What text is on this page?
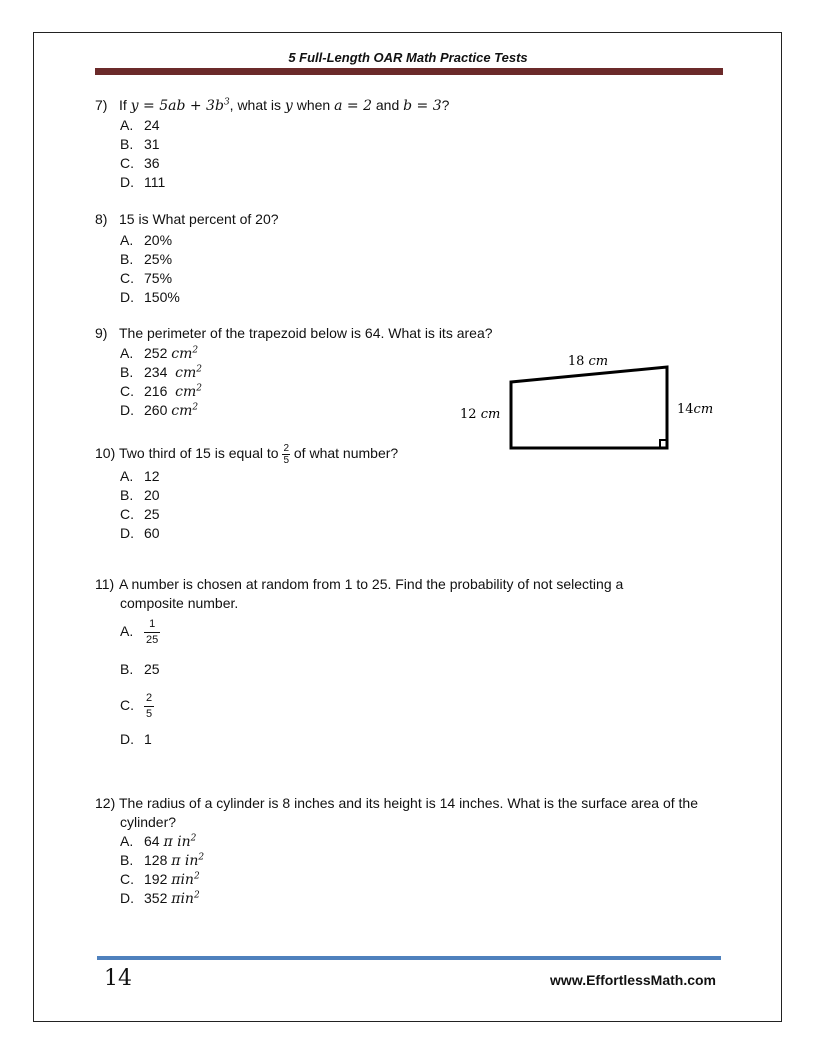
5 Full-Length OAR Math Practice Tests
7) If $y = 5ab + 3b^3$, what is y when a = 2 and b = 3?
A. 24
B. 31
C. 36
D. 111
8) 15 is What percent of 20?
A. 20%
B. 25%
C. 75%
D. 150%
9) The perimeter of the trapezoid below is 64. What is its area?
A. 252 $cm^2$
B. 234 $cm^2$
C. 216 $cm^2$
D. 260 $cm^2$
18 cm
12 cm	14cm
10) Two third of 15 is equal to $\frac{2}{5}$ of what number?
A. 12
B. 20
C. 25
D. 60
11) A number is chosen at random from 1 to 25. Find the probability of not selecting a
composite number.
A. $\frac{1}{25}$
B. 25
C. $\frac{2}{5}$
D. 1
12) The radius of a cylinder is 8 inches and its height is 14 inches. What is the surface area of the
cylinder?
A. 64 π $in^2$
B. 128 π $in^2$
C. 192 πin$^2$
D. 352 πin$^2$
14	www.EffortlessMath.com
